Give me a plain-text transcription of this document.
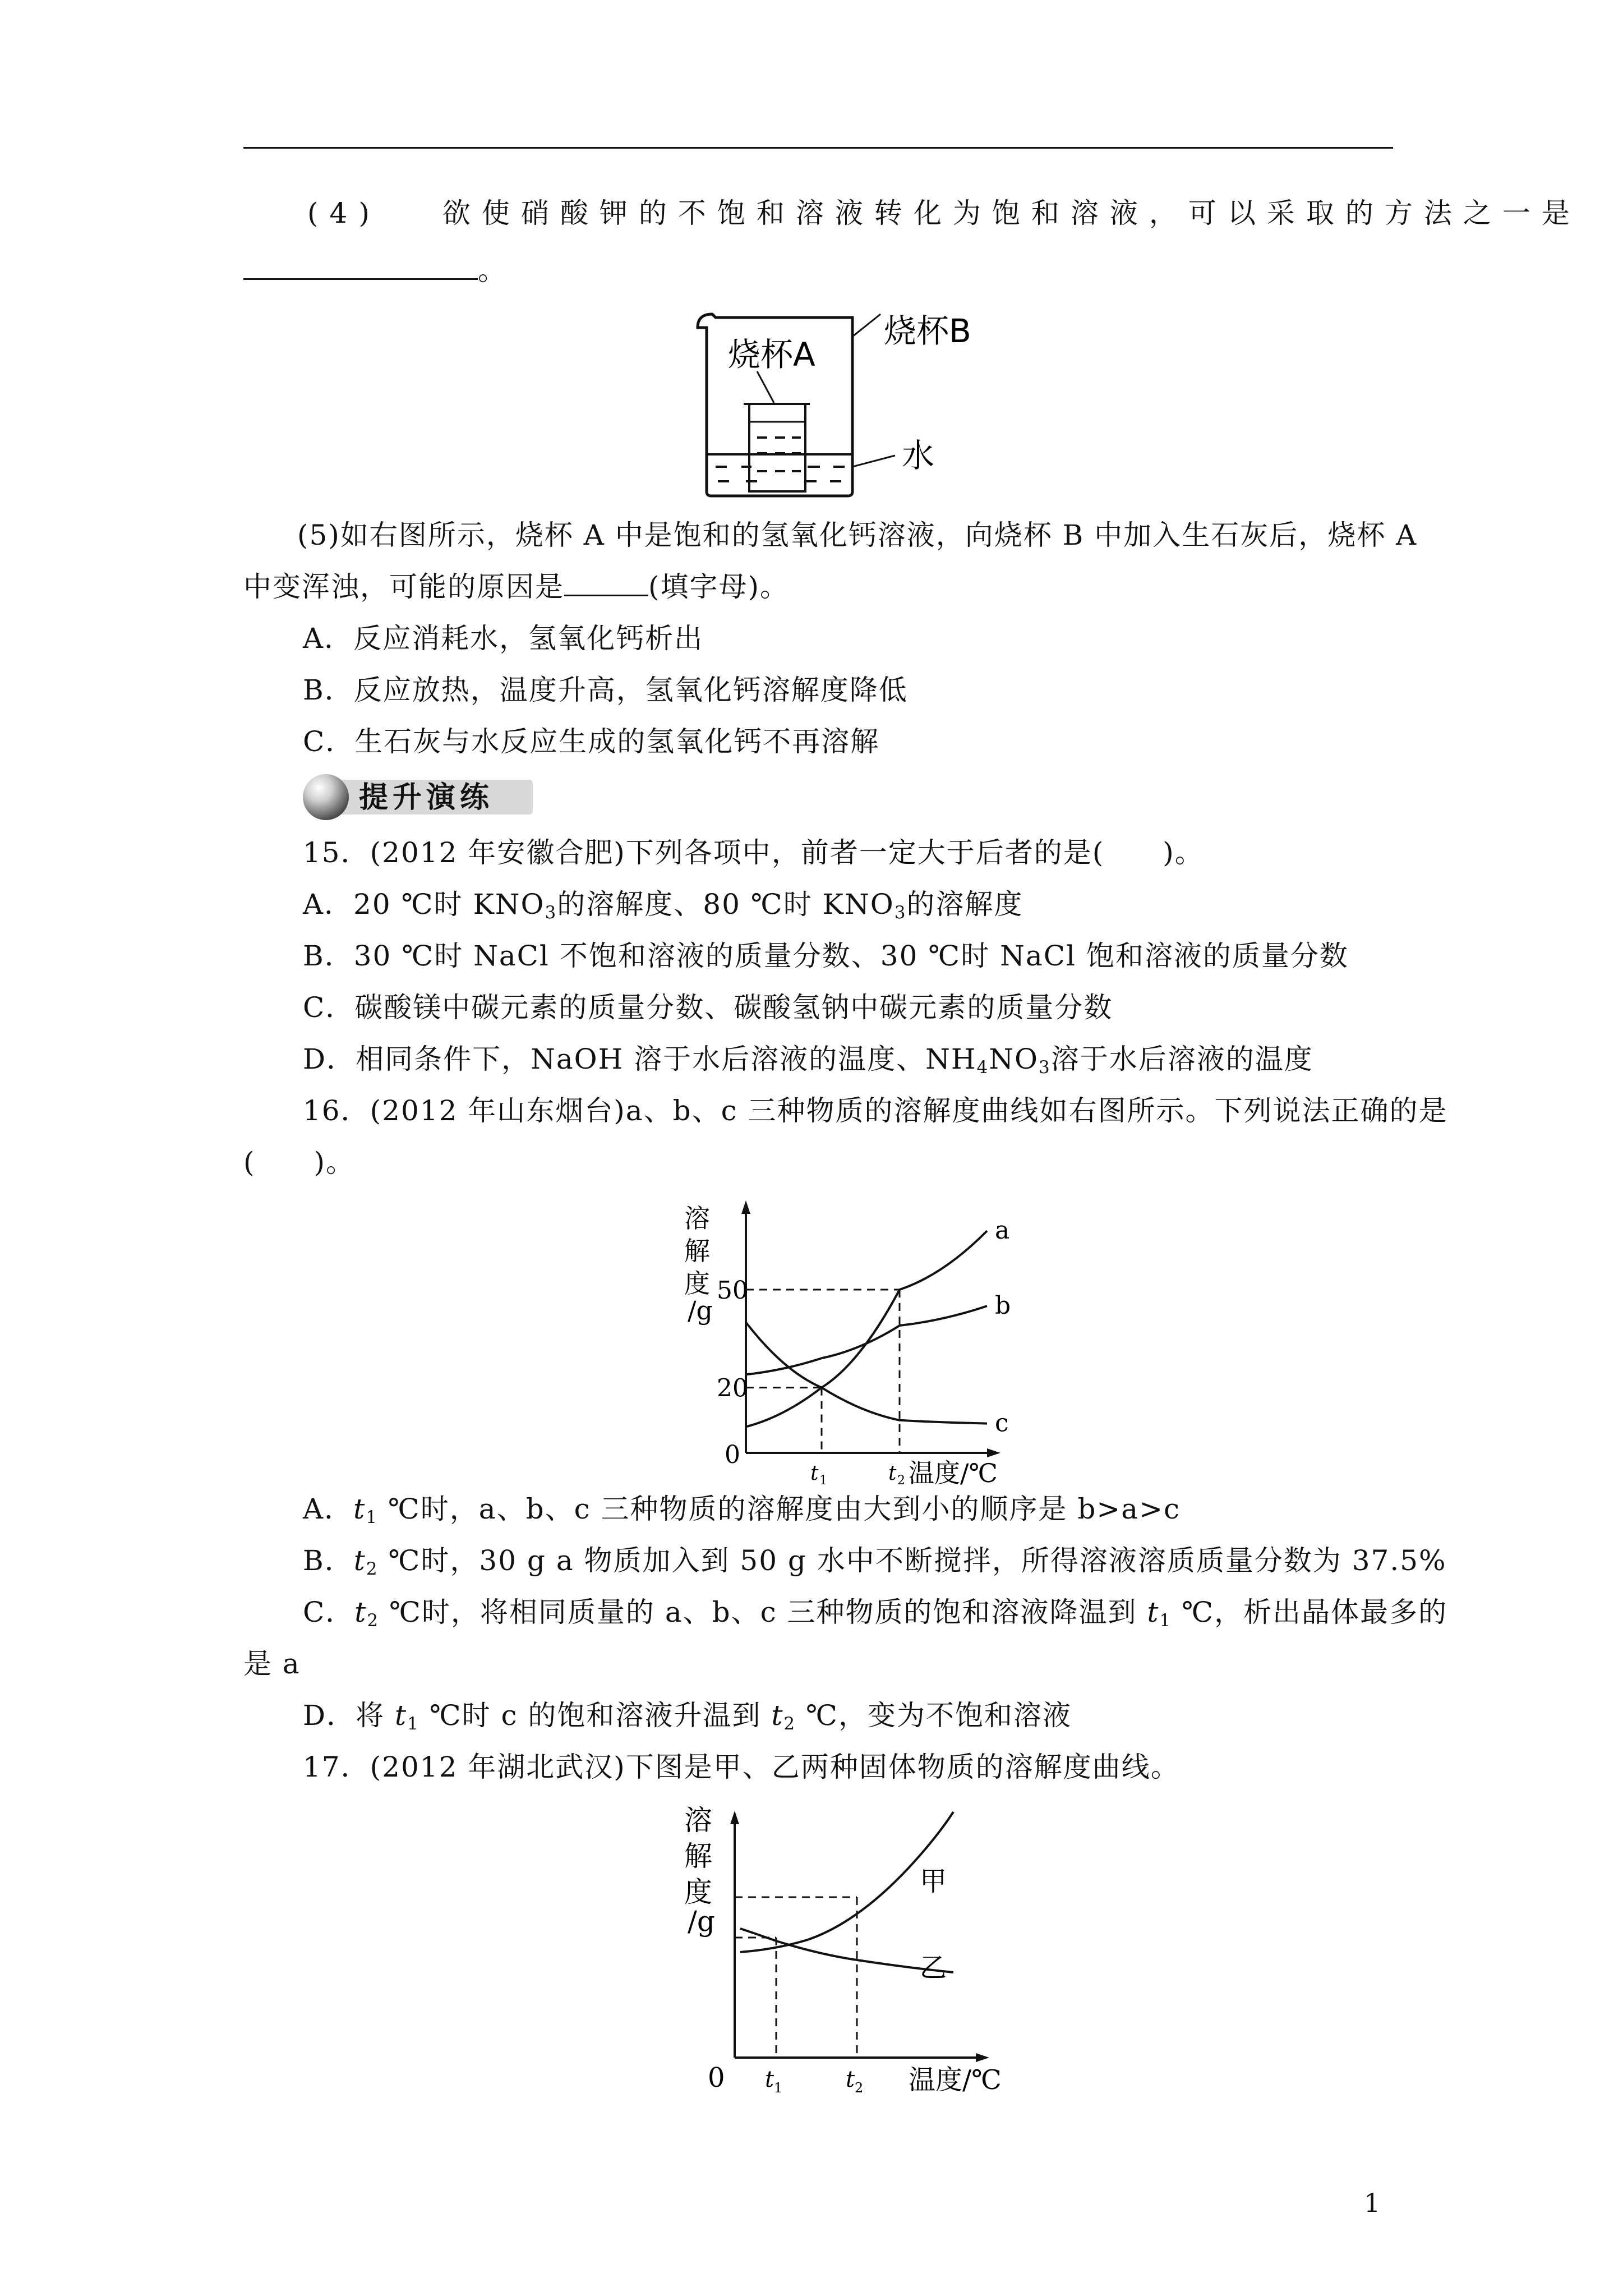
(4) 欲使硝酸钾的不饱和溶液转化为饱和溶液，可以采取的方法之一是
。
烧杯A
烧杯B
水
(5)如右图所示，烧杯 A 中是饱和的氢氧化钙溶液，向烧杯 B 中加入生石灰后，烧杯 A
中变浑浊，可能的原因是	(填字母)。
A．反应消耗水，氢氧化钙析出
B．反应放热，温度升高，氢氧化钙溶解度降低
C．生石灰与水反应生成的氢氧化钙不再溶解
提升演练
15．(2012 年安徽合肥)下列各项中，前者一定大于后者的是(　　)。
A．20 ℃时 $KNO_3$的溶解度、80 ℃时 $KNO_3$的溶解度
B．30 ℃时 NaCl 不饱和溶液的质量分数、30 ℃时 NaCl 饱和溶液的质量分数
C．碳酸镁中碳元素的质量分数、碳酸氢钠中碳元素的质量分数
D．相同条件下，NaOH 溶于水后溶液的温度、$NH_4NO_3$溶于水后溶液的温度
16．(2012 年山东烟台)a、b、c 三种物质的溶解度曲线如右图所示。下列说法正确的是
(　　)。
溶
解
度
/g
50
20
0
t 1	t 2 温度/℃
a
b
c
A．$t_1$ ℃时，a、b、c 三种物质的溶解度由大到小的顺序是 b>a>c
B．$t_2$ ℃时，30 g a 物质加入到 50 g 水中不断搅拌，所得溶液溶质质量分数为 37.5%
C．$t_2$ ℃时，将相同质量的 a、b、c 三种物质的饱和溶液降温到 $t_1$ ℃，析出晶体最多的
是 a
D．将 $t_1$ ℃时 c 的饱和溶液升温到 $t_2$ ℃，变为不饱和溶液
17．(2012 年湖北武汉)下图是甲、乙两种固体物质的溶解度曲线。
溶
解
度
/g
甲
乙
0 t 1	t 2 温度/℃
1
